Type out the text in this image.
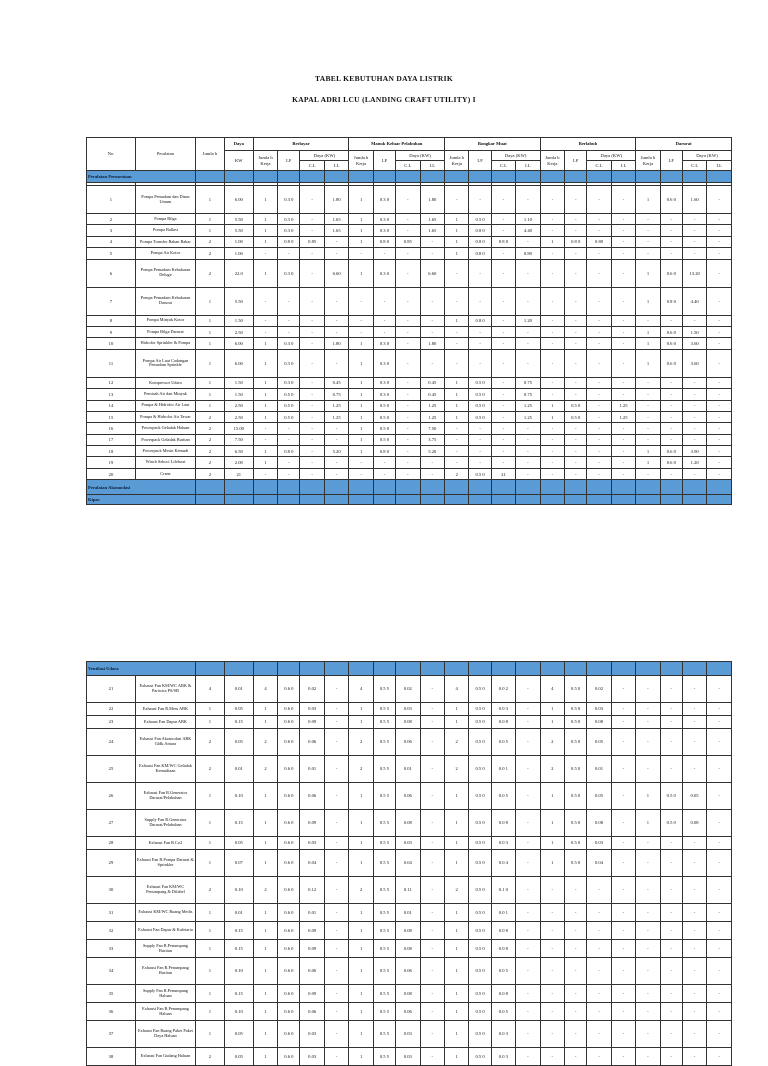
TABEL KEBUTUHAN DAYA LISTRIK
KAPAL ADRI LCU (LANDING CRAFT UTILITY) I
No.	Peralatan	Jumla h	Daya	Berlayar				Manuk Keluar Pelabuhan				Bongkar Muat				Berlabuh				Darurat			
			KW	Jumla h Kerja	LF	Daya (KW)		Jumla h Kerja	LF	Daya (KW)		Jumla h Kerja	LF	Daya (KW)		Jumla h Kerja	LF	Daya (KW)		Jumla h Kerja	LF	Daya (KW)	
						C.L	I.L			C.L	I.L			C.L	I.L			C.L	I.L			C.L	I.L
Peralatan Permesinan																							

1	Pompa Pemadam dan Dinas Umum	1	6.00	1	0.3 0	-	1.80	1	0.3 0	-	1.80	-	-	-	-	-	-	-	-	1	0.6 0	1.60	-
2	Pompa Bilga	1	5.50	1	0.3 0	-	1.65	1	0.3 0	-	1.65	1	0.5 0	-	1.10	-	-	-	-	-	-	-	-
3	Pompa Ballast	1	5.50	1	0.3 0	-	1.65	1	0.3 0	-	1.65	1	0.8 0	-	4.40	-	-	-	-	-	-	-	-
4	Pompa Transfer Bahan Bakar	2	1.00	1	0.8 0	0.85	-	1	0.8 0	0.85	-	1	0.8 0	0.8 0	-	1	0.8 0	0.80	-	-	-	-	-
5	Pompa Air Kotor	2	1.00	-	-	-	-	-	-	-	-	1	0.8 0	-	0.80	-	-	-	-	-	-	-	-
6	Pompa Pemadam Kebakaran Deluge	2	22.0	1	0.3 0	-	6.60	1	0.3 0	-	6.60	-	-	-	-	-	-	-	-	1	0.6 0	13.20	-
7	Pompa Pemadam Kebakaran Darurat	1	5.50	-	-	-	-	-	-	-	-	-	-	-	-	-	-	-	-	1	0.8 0	4.40	-
8	Pompa Minyak Kotor	1	1.50	-	-	-	-	-	-	-	-	1	0.8 0	-	1.20	-	-	-	-	-	-	-	-
9	Pompa Bilga Darurat	1	2.50	-	-	-	-	-	-	-	-	-	-	-	-	-	-	-	-	1	0.6 0	1.50	-
10	Hidrofor Sprinkler & Pompa	1	6.00	1	0.3 0	-	1.80	1	0.3 0	-	1.80	-	-	-	-	-	-	-	-	1	0.6 0	3.60	-
11	Pompa Air Laut Cadangan Pemadam Sprinkle	1	6.00	1	0.3 0	-	-	1	0.3 0	-	-	-	-	-	-	-	-	-	-	1	0.6 0	3.60	-
12	Kompressor Udara	1	1.50	1	0.3 0	-	0.45	1	0.3 0	-	0.45	1	0.5 0	-	0.75	-	-	-	-	-	-	-	-
13	Pemisah Air dan Minyak	1	1.50	1	0.5 0	-	0.75	1	0.3 0	-	0.45	1	0.5 0	-	0.75	-	-	-	-	-	-	-	-
14	Pompa & Hidrofor Air Laut	1	2.50	1	0.5 0	-	1.25	1	0.5 0	-	1.25	1	0.5 0	-	1.25	1	0.5 0	-	1.25	-	-	-	-
15	Pompa & Hidrofor Air Tawar	2	2.50	1	0.5 0	-	1.25	1	0.5 0	-	1.25	1	0.5 0	-	1.25	1	0.5 0	-	1.25	-	-	-	-
16	Powerpack Geladak Haluan	2	15.00	-	-	-	-	1	0.5 0	-	7.50	-	-	-	-	-	-	-	-	-	-	-	-
17	Powerpack Geladak Buritan	2	7.50	-	-	-	-	1	0.5 0	-	3.75	-	-	-	-	-	-	-	-	-	-	-	-
18	Powerpack Mesin Kemudi	2	6.50	1	0.8 0	-	5.20	1	0.8 0	-	5.20	-	-	-	-	-	-	-	-	1	0.6 0	3.90	-
19	Winch Sekoci Lifeboat	2	2.00	1	-	-	-	-	-	-	-	-	-	-	-	-	-	-	-	1	0.6 0	1.20	-
20	Crane	2	21	-	-	-	-	-	-	-	-	2	0.5 0	21	-	-	-	-	-	-	-	-	-
Peralatan Akomodasi																							
Kipas																							
Ventilasi Udara																							
21	Exhaust Fan KM/WC ABK & Pariwira PS/SB	4	0.01	4	0.6 0	0.02	-	4	0.5 5	0.02	-	4	0.5 0	0.0 2	-	4	0.5 0	0.02	-	-	-	-	-
22	Exhaust Fan R.Mess ABK	1	0.05	1	0.6 0	0.03	-	1	0.5 5	0.03	-	1	0.5 0	0.0 3	-	1	0.5 0	0.03	-	-	-	-	-
23	Exhaust Fan Dapur ABK	1	0.15	1	0.6 0	0.09	-	1	0.5 5	0.08	-	1	0.5 0	0.0 8	-	1	0.5 0	0.08	-	-	-	-	-
24	Exhaust Fan Akomodasi ABK Gldk.Antara	2	0.05	2	0.6 0	0.06	-	2	0.5 5	0.06	-	2	0.5 0	0.0 5	-	2	0.5 0	0.05	-	-	-	-	-
25	Exhaust Fan KM/WC Geladak Kemudiaan	2	0.01	2	0.6 0	0.01	-	2	0.5 5	0.01	-	2	0.5 0	0.0 1	-	2	0.5 0	0.01	-	-	-	-	-
26	Exhaust Fan R.Generator Darurat/Pelabuhan	1	0.10	1	0.6 0	0.06	-	1	0.5 5	0.06	-	1	0.5 0	0.0 5	-	1	0.5 0	0.05	-	1	0.5 0	0.05	-
27	Supply Fan R.Generator Darurat/Pelabuhan	1	0.15	1	0.6 0	0.09	-	1	0.5 5	0.08	-	1	0.5 0	0.0 8	-	1	0.5 0	0.08	-	1	0.5 0	0.08	-
28	Exhaust Fan R.Co2	1	0.05	1	0.6 0	0.03	-	1	0.5 5	0.03	-	1	0.5 0	0.0 3	-	1	0.5 0	0.03	-	-	-	-	-
29	Exhaust Fan R.Pompa Darurat & Sprinkler	1	0.07	1	0.6 0	0.04	-	1	0.5 5	0.04	-	1	0.5 0	0.0 4	-	1	0.5 0	0.04	-	-	-	-	-
30	Exhaust Fan KM/WC Penumpang & Difabel	2	0.10	2	0.6 0	0.12	-	2	0.5 5	0.11	-	2	0.5 0	0.1 0	-	-	-	-	-	-	-	-	-
31	Exhaust KM/WC Ruang Medis	1	0.01	1	0.6 0	0.01	-	1	0.5 5	0.01	-	1	0.5 0	0.0 1	-	-	-	-	-	-	-	-	-
32	Exhaust Fan Dapur & Kafetaria	1	0.15	1	0.6 0	0.09	-	1	0.5 5	0.08	-	1	0.5 0	0.0 8	-	-	-	-	-	-	-	-	-
33	Supply Fan R.Penumpang Buritan	1	0.15	1	0.6 0	0.09	-	1	0.5 5	0.08	-	1	0.5 0	0.0 8	-	-	-	-	-	-	-	-	-
34	Exhaust Fan R.Penumpang Buritan	1	0.10	1	0.6 0	0.06	-	1	0.5 5	0.06	-	1	0.5 0	0.0 5	-	-	-	-	-	-	-	-	-
35	Supply Fan R.Penumpang Haluan	1	0.15	1	0.6 0	0.09	-	1	0.5 5	0.08	-	1	0.5 0	0.0 8	-	-	-	-	-	-	-	-	-
36	Exhaust Fan R.Penumpang Haluan	1	0.10	1	0.6 0	0.06	-	1	0.5 5	0.06	-	1	0.5 0	0.0 5	-	-	-	-	-	-	-	-	-
37	Exhaust Fan Ruang Paket Paket Daya Haluan	1	0.05	1	0.6 0	0.03	-	1	0.5 5	0.03	-	1	0.5 0	0.0 3	-	-	-	-	-	-	-	-	-
38	Exhaust Fan Gudang Haluan	2	0.05	1	0.6 0	0.03	-	1	0.5 5	0.03	-	1	0.5 0	0.0 3	-	-	-	-	-	-	-	-	-
